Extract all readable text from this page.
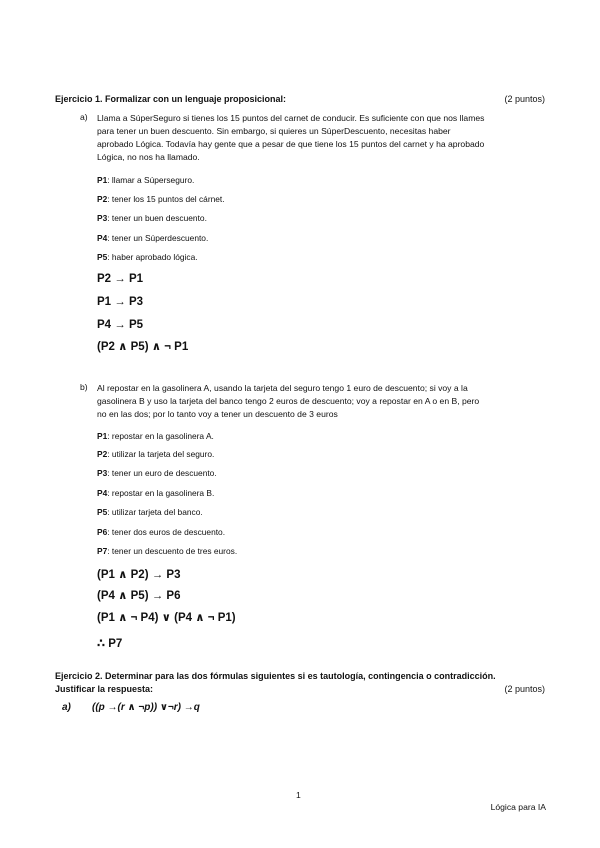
Ejercicio 1. Formalizar con un lenguaje proposicional:	(2 puntos)
a) Llama a SúperSeguro si tienes los 15 puntos del carnet de conducir. Es suficiente con que nos llames
para tener un buen descuento. Sin embargo, si quieres un SúperDescuento, necesitas haber
aprobado Lógica. Todavía hay gente que a pesar de que tiene los 15 puntos del carnet y ha aprobado
Lógica, no nos ha llamado.
P1: llamar a Súperseguro.
P2: tener los 15 puntos del cárnet.
P3: tener un buen descuento.
P4: tener un Súperdescuento.
P5: haber aprobado lógica.
P2 → P1
P1 → P3
P4 → P5
(P2 ∧ P5) ∧ ¬ P1
b) Al repostar en la gasolinera A, usando la tarjeta del seguro tengo 1 euro de descuento; si voy a la
gasolinera B y uso la tarjeta del banco tengo 2 euros de descuento; voy a repostar en A o en B, pero
no en las dos; por lo tanto voy a tener un descuento de 3 euros
P1: repostar en la gasolinera A.
P2: utilizar la tarjeta del seguro.
P3: tener un euro de descuento.
P4: repostar en la gasolinera B.
P5: utilizar tarjeta del banco.
P6: tener dos euros de descuento.
P7: tener un descuento de tres euros.
(P1 ∧ P2) → P3
(P4 ∧ P5) → P6
(P1 ∧ ¬ P4) ∨ (P4 ∧ ¬ P1)
∴ P7
Ejercicio 2. Determinar para las dos fórmulas siguientes si es tautología, contingencia o contradicción.
Justificar la respuesta:	(2 puntos)
a) ((p →(r ∧ ¬p)) ∨¬r) →q
1
Lógica para IA
